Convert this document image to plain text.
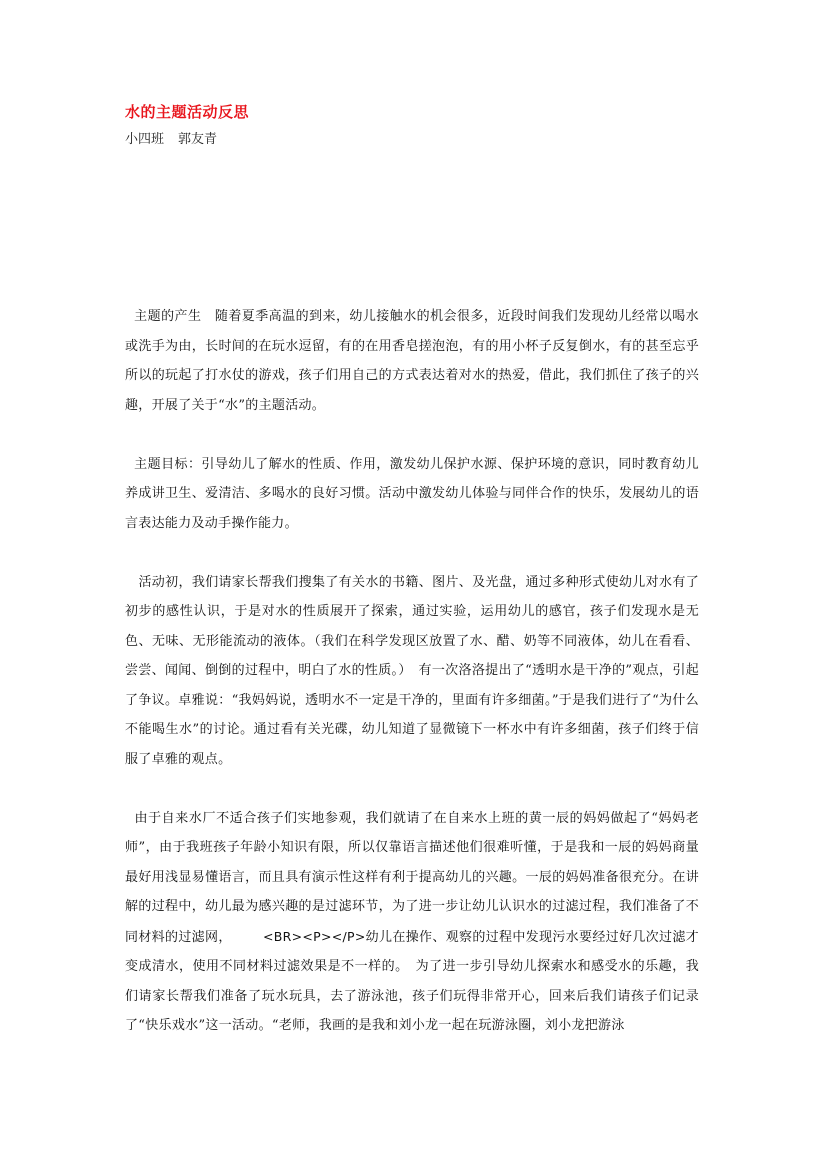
水的主题活动反思
小四班 郭友青

主题的产生　随着夏季高温的到来，幼儿接触水的机会很多，近段时间我们发现幼儿经常以喝水或洗手为由，长时间的在玩水逗留，有的在用香皂搓泡泡，有的用小杯子反复倒水，有的甚至忘乎所以的玩起了打水仗的游戏，孩子们用自己的方式表达着对水的热爱，借此，我们抓住了孩子的兴趣，开展了关于“水”的主题活动。

主题目标：引导幼儿了解水的性质、作用，激发幼儿保护水源、保护环境的意识，同时教育幼儿养成讲卫生、爱清洁、多喝水的良好习惯。活动中激发幼儿体验与同伴合作的快乐，发展幼儿的语言表达能力及动手操作能力。

活动初，我们请家长帮我们搜集了有关水的书籍、图片、及光盘，通过多种形式使幼儿对水有了初步的感性认识，于是对水的性质展开了探索，通过实验，运用幼儿的感官，孩子们发现水是无色、无味、无形能流动的液体。（我们在科学发现区放置了水、醋、奶等不同液体，幼儿在看看、尝尝、闻闻、倒倒的过程中，明白了水的性质。）　有一次洛洛提出了“透明水是干净的”观点，引起了争议。卓雅说：“我妈妈说，透明水不一定是干净的，里面有许多细菌。”于是我们进行了“为什么不能喝生水”的讨论。通过看有关光碟，幼儿知道了显微镜下一杯水中有许多细菌，孩子们终于信服了卓雅的观点。

由于自来水厂不适合孩子们实地参观，我们就请了在自来水上班的黄一辰的妈妈做起了“妈妈老师”，由于我班孩子年龄小知识有限，所以仅靠语言描述他们很难听懂，于是我和一辰的妈妈商量最好用浅显易懂语言，而且具有演示性这样有利于提高幼儿的兴趣。一辰的妈妈准备很充分。在讲解的过程中，幼儿最为感兴趣的是过滤环节，为了进一步让幼儿认识水的过滤过程，我们准备了不同材料的过滤网，	<BR><P></P>幼儿在操作、观察的过程中发现污水要经过好几次过滤才变成清水，使用不同材料过滤效果是不一样的。　为了进一步引导幼儿探索水和感受水的乐趣，我们请家长帮我们准备了玩水玩具，去了游泳池，孩子们玩得非常开心，回来后我们请孩子们记录了“快乐戏水”这一活动。“老师，我画的是我和刘小龙一起在玩游泳圈，刘小龙把游泳
